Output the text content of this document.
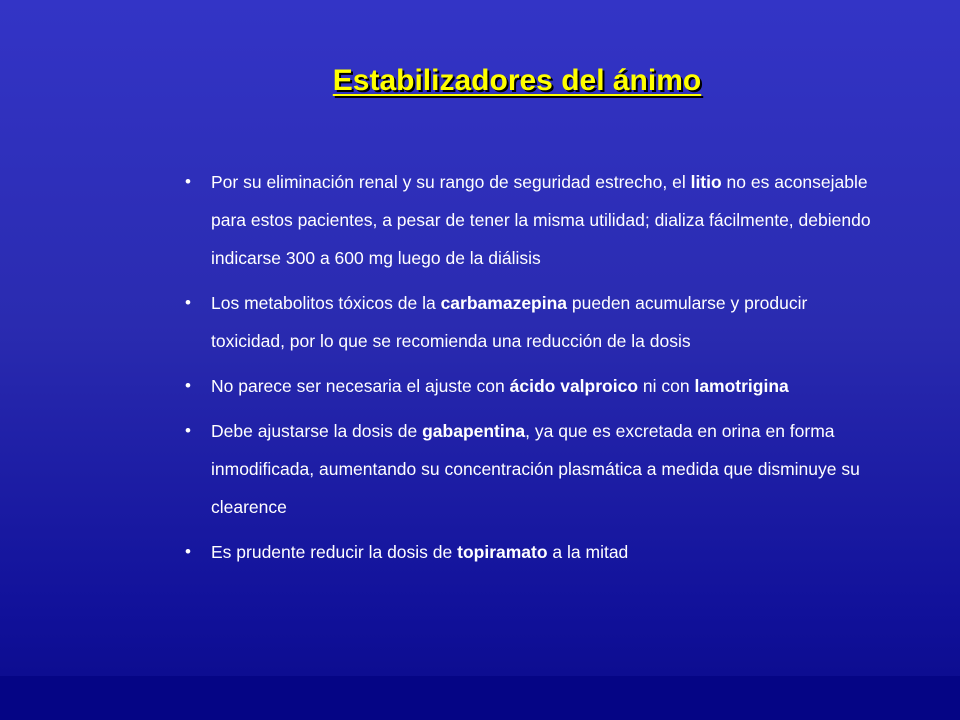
Estabilizadores del ánimo
• Por su eliminación renal y su rango de seguridad estrecho, el litio no es aconsejable para estos pacientes, a pesar de tener la misma utilidad; dializa fácilmente, debiendo indicarse 300 a 600 mg luego de la diálisis
• Los metabolitos tóxicos de la carbamazepina pueden acumularse y producir toxicidad, por lo que se recomienda una reducción de la dosis
• No parece ser necesaria el ajuste con ácido valproico ni con lamotrigina
• Debe ajustarse la dosis de gabapentina, ya que es excretada en orina en forma inmodificada, aumentando su concentración plasmática a medida que disminuye su clearence
• Es prudente reducir la dosis de topiramato a la mitad
